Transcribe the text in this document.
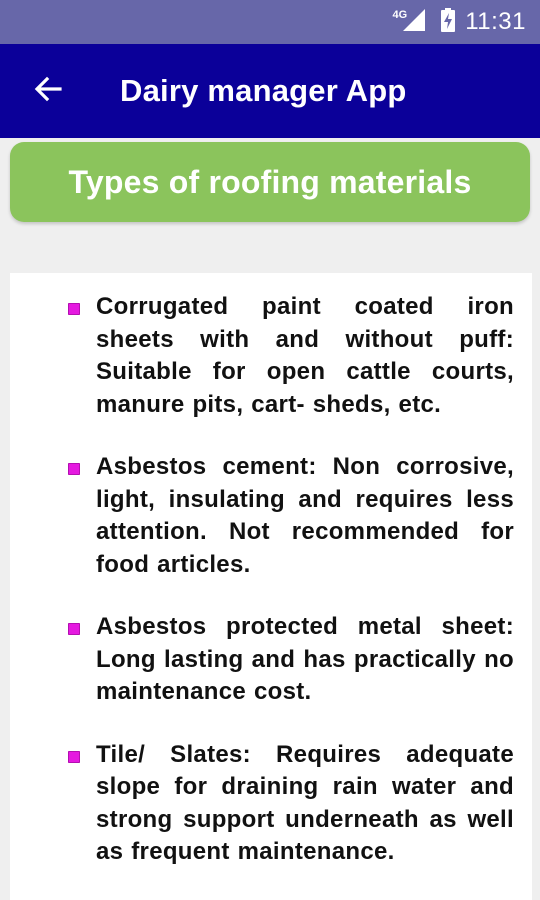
4G 11:31
Dairy manager App
Types of roofing materials
Corrugated paint coated iron sheets with and without puff: Suitable for open cattle courts, manure pits, cart- sheds, etc.
Asbestos cement: Non corrosive, light, insulating and requires less attention. Not recommended for food articles.
Asbestos protected metal sheet: Long lasting and has practically no maintenance cost.
Tile/ Slates: Requires adequate slope for draining rain water and strong support underneath as well as frequent maintenance.
